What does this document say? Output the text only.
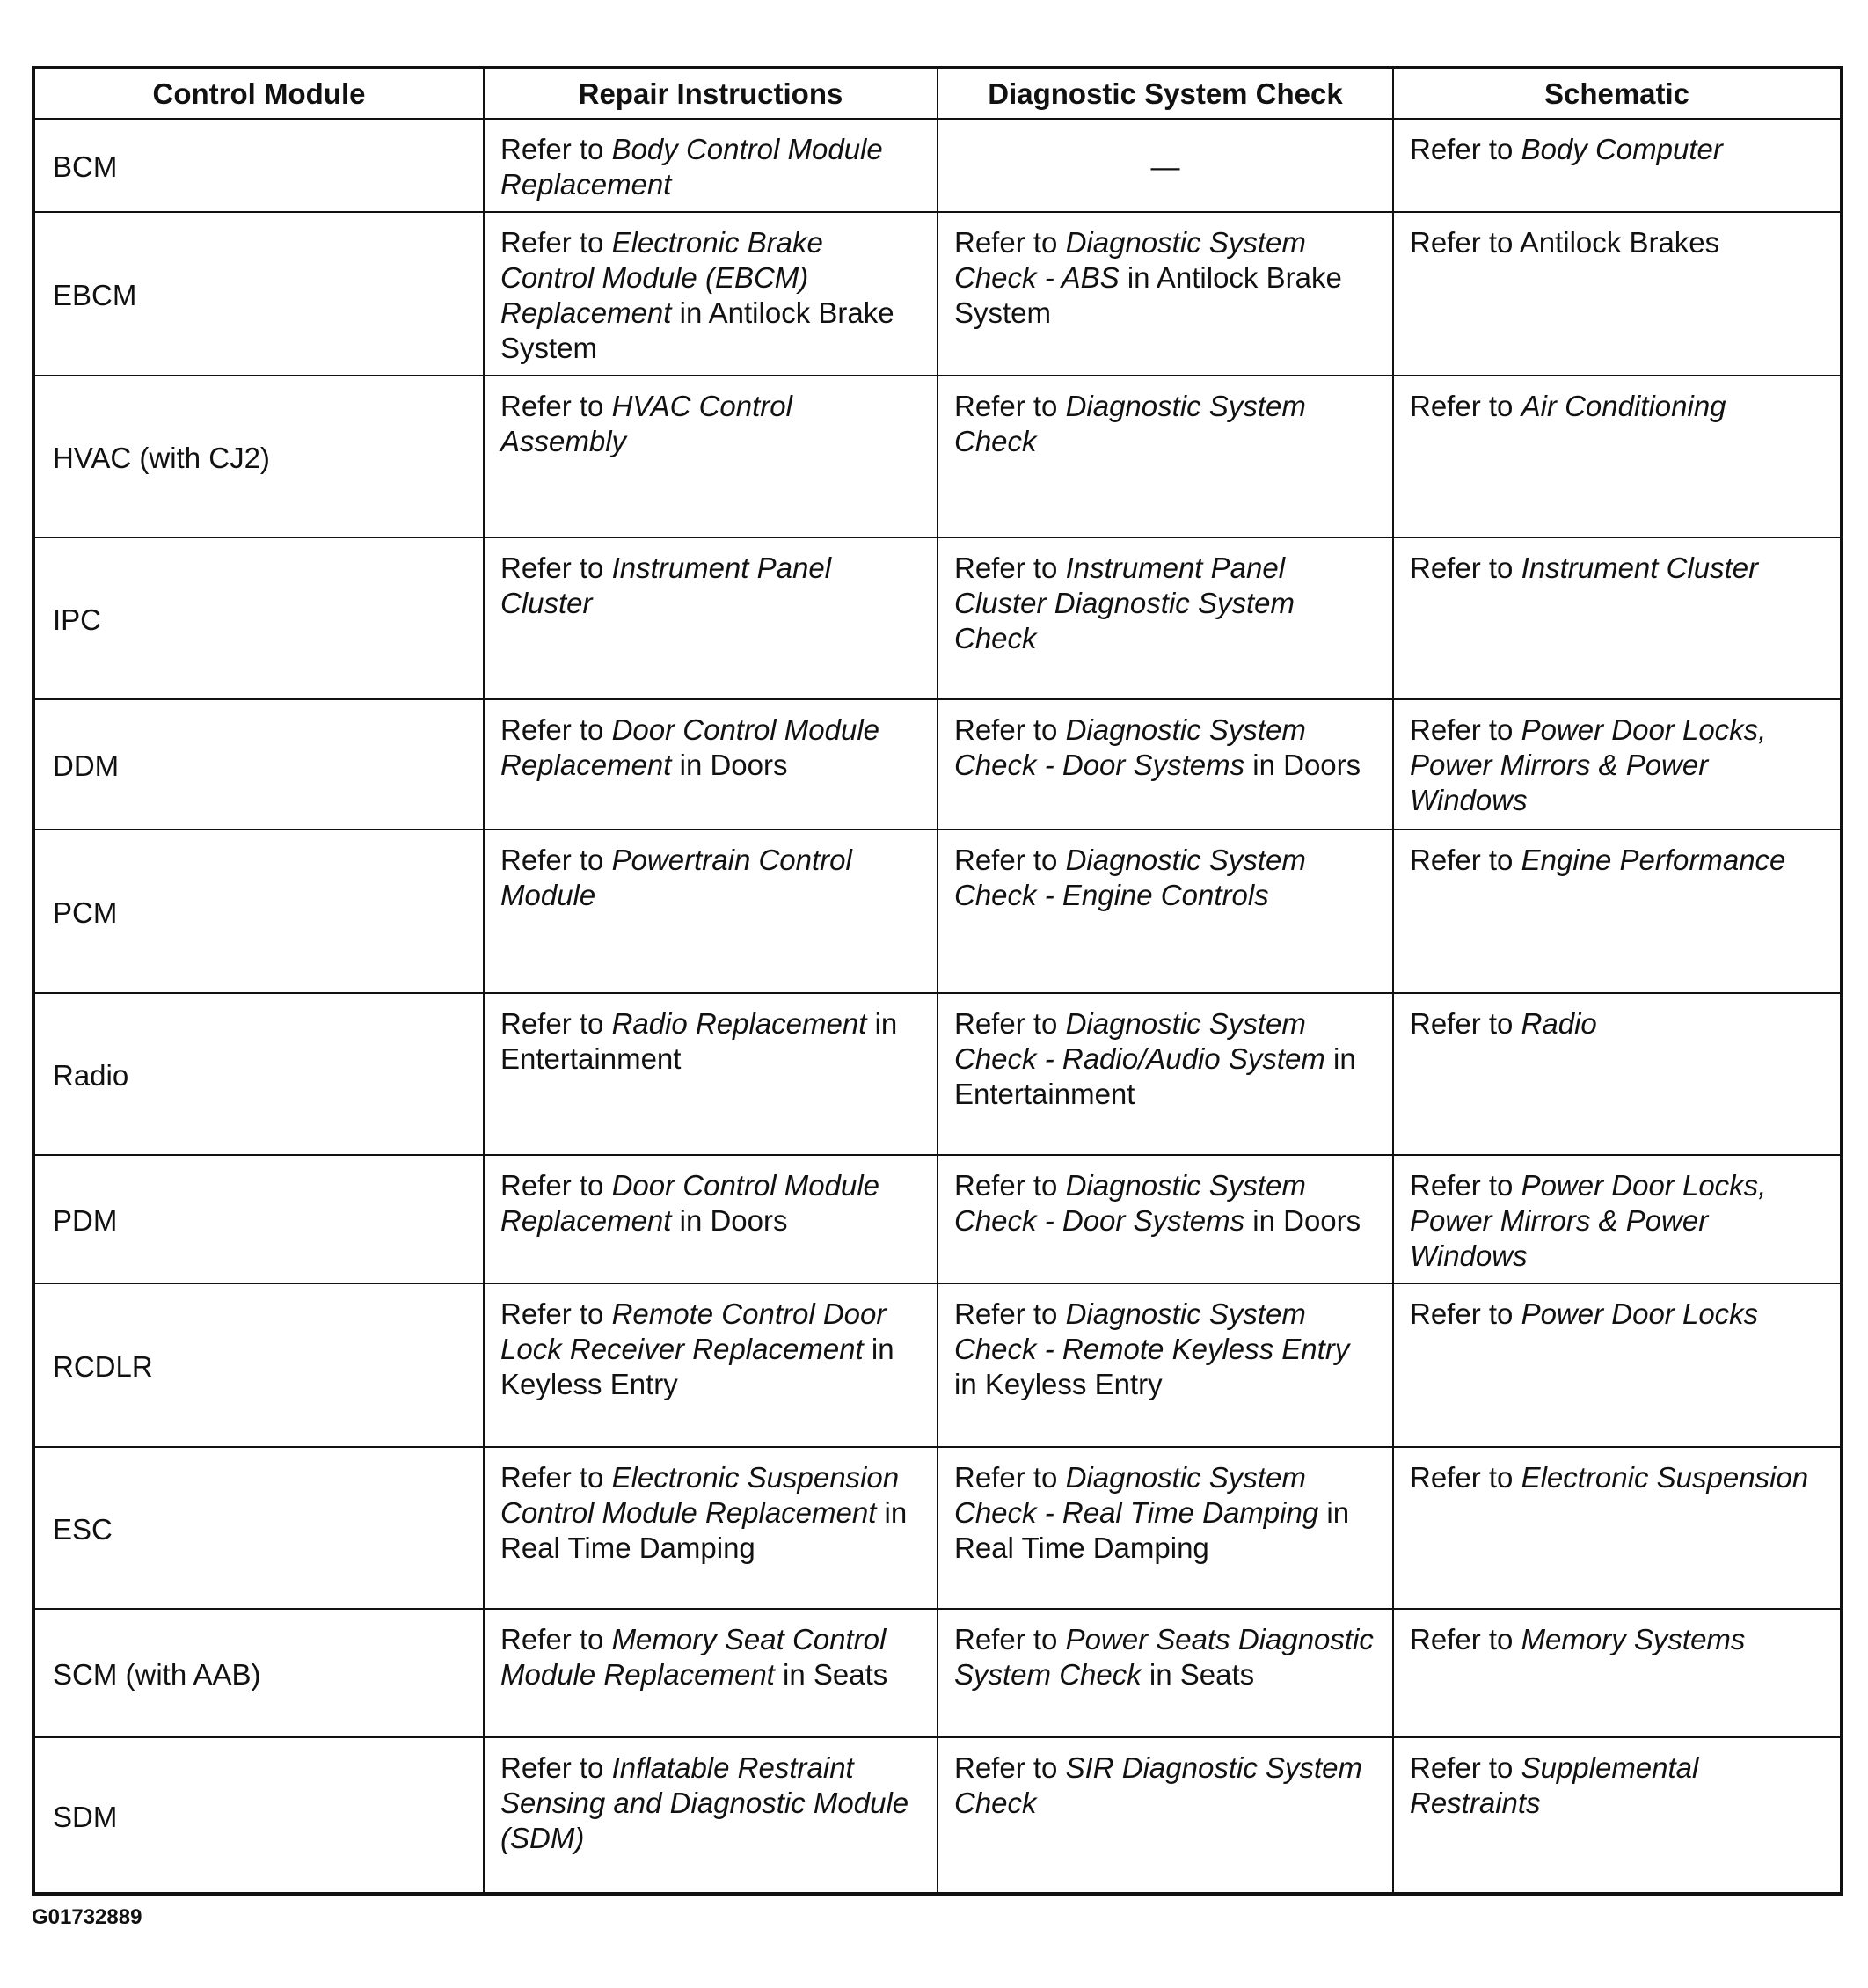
Control Module	Repair Instructions	Diagnostic System Check	Schematic
BCM	Refer to Body Control Module Replacement	—	Refer to Body Computer
EBCM	Refer to Electronic Brake Control Module (EBCM) Replacement in Antilock Brake System	Refer to Diagnostic System Check - ABS in Antilock Brake System	Refer to Antilock Brakes
HVAC (with CJ2)	Refer to HVAC Control Assembly	Refer to Diagnostic System Check	Refer to Air Conditioning
IPC	Refer to Instrument Panel Cluster	Refer to Instrument Panel Cluster Diagnostic System Check	Refer to Instrument Cluster
DDM	Refer to Door Control Module Replacement in Doors	Refer to Diagnostic System Check - Door Systems in Doors	Refer to Power Door Locks, Power Mirrors & Power Windows
PCM	Refer to Powertrain Control Module	Refer to Diagnostic System Check - Engine Controls	Refer to Engine Performance
Radio	Refer to Radio Replacement in Entertainment	Refer to Diagnostic System Check - Radio/Audio System in Entertainment	Refer to Radio
PDM	Refer to Door Control Module Replacement in Doors	Refer to Diagnostic System Check - Door Systems in Doors	Refer to Power Door Locks, Power Mirrors & Power Windows
RCDLR	Refer to Remote Control Door Lock Receiver Replacement in Keyless Entry	Refer to Diagnostic System Check - Remote Keyless Entry in Keyless Entry	Refer to Power Door Locks
ESC	Refer to Electronic Suspension Control Module Replacement in Real Time Damping	Refer to Diagnostic System Check - Real Time Damping in Real Time Damping	Refer to Electronic Suspension
SCM (with AAB)	Refer to Memory Seat Control Module Replacement in Seats	Refer to Power Seats Diagnostic System Check in Seats	Refer to Memory Systems
SDM	Refer to Inflatable Restraint Sensing and Diagnostic Module (SDM)	Refer to SIR Diagnostic System Check	Refer to Supplemental Restraints
G01732889
